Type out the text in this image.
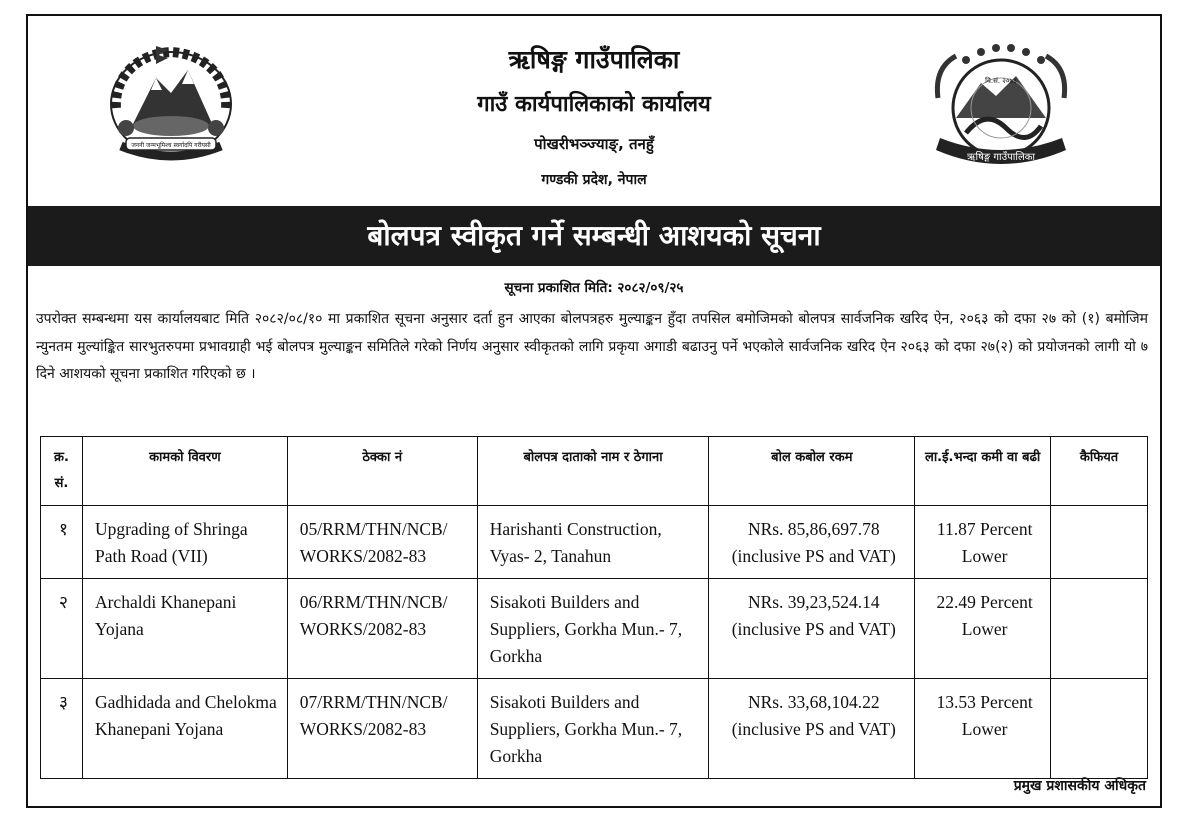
जननी जन्मभूमिश्च स्वर्गादपि गरीयसी
ऋषिङ्ग गाउँपालिका
गाउँ कार्यपालिकाको कार्यालय
पोखरीभञ्ज्याङ्, तनहुँ
गण्डकी प्रदेश, नेपाल
वि.सं. २०७३
ऋषिङ्ग गाउँपालिका
बोलपत्र स्वीकृत गर्ने सम्बन्धी आशयको सूचना
सूचना प्रकाशित मिति: २०८२/०९/२५
उपरोक्त सम्बन्धमा यस कार्यालयबाट मिति २०८२/०८/१० मा प्रकाशित सूचना अनुसार दर्ता हुन आएका बोलपत्रहरु मुल्याङ्कन हुँदा तपसिल बमोजिमको बोलपत्र सार्वजनिक खरिद ऐन, २०६३ को दफा २७ को (१) बमोजिम न्युनतम मुल्यांङ्कित सारभुतरुपमा प्रभावग्राही भई बोलपत्र मुल्याङ्कन समितिले गरेको निर्णय अनुसार स्वीकृतको लागि प्रकृया अगाडी बढाउनु पर्ने भएकोले सार्वजनिक खरिद ऐन २०६३ को दफा २७(२) को प्रयोजनको लागी यो ७ दिने आशयको सूचना प्रकाशित गरिएको छ ।
क्र. सं.	कामको विवरण	ठेक्का नं	बोलपत्र दाताको नाम र ठेगाना	बोल कबोल रकम	ला.ई.भन्दा कमी वा बढी	कैफियत
१	Upgrading of Shringa Path Road (VII)	05/RRM/THN/NCB/ WORKS/2082-83	Harishanti Construction, Vyas- 2, Tanahun	NRs. 85,86,697.78
(inclusive PS and VAT)	11.87 Percent Lower	
२	Archaldi Khanepani Yojana	06/RRM/THN/NCB/ WORKS/2082-83	Sisakoti Builders and Suppliers, Gorkha Mun.- 7, Gorkha	NRs. 39,23,524.14
(inclusive PS and VAT)	22.49 Percent Lower	
३	Gadhidada and Chelokma Khanepani Yojana	07/RRM/THN/NCB/ WORKS/2082-83	Sisakoti Builders and Suppliers, Gorkha Mun.- 7, Gorkha	NRs. 33,68,104.22
(inclusive PS and VAT)	13.53 Percent Lower	
प्रमुख प्रशासकीय अधिकृत
